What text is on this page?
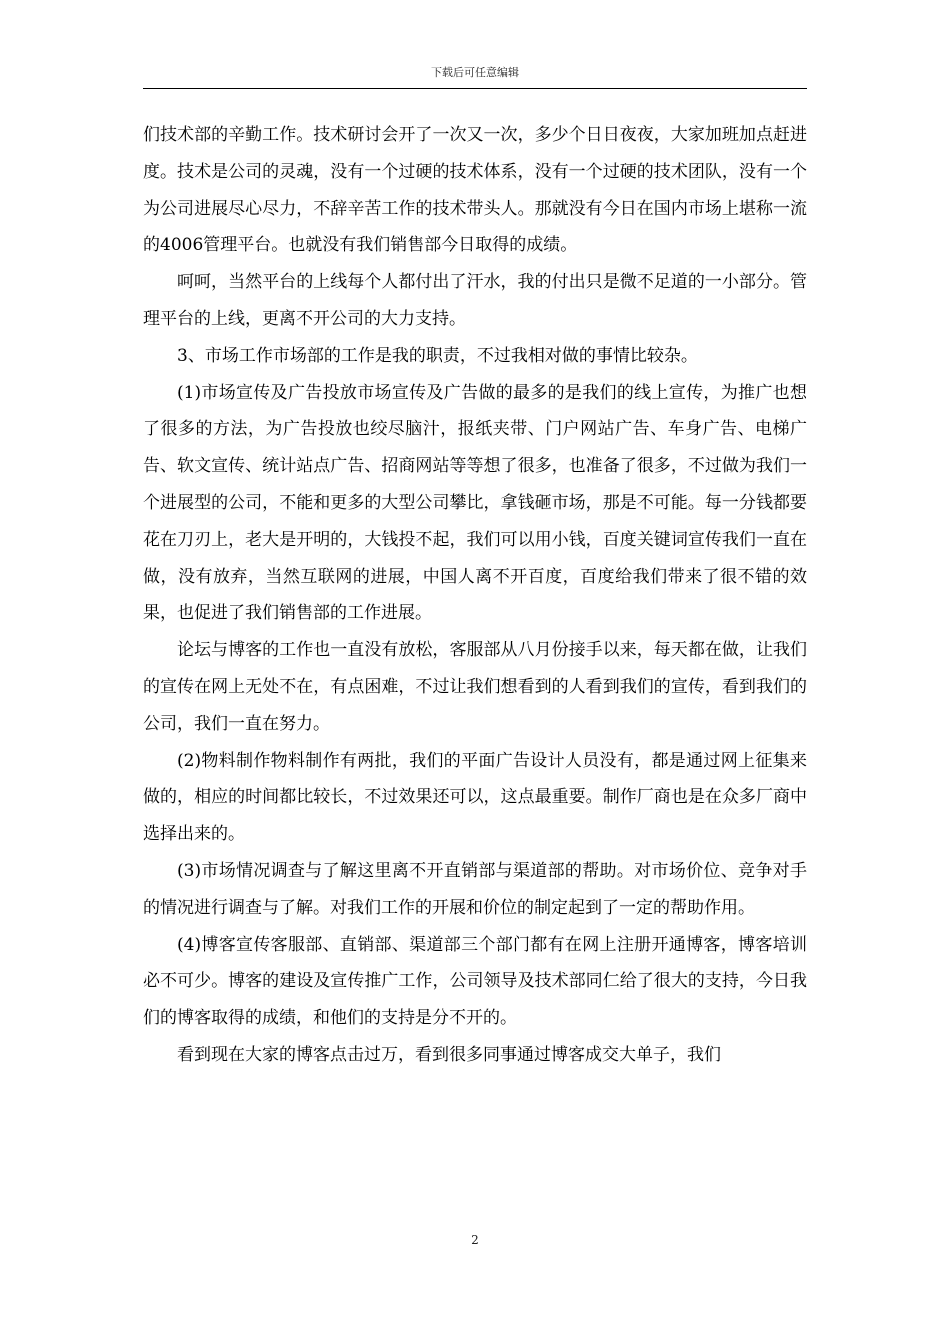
下载后可任意编辑

们技术部的辛勤工作。技术研讨会开了一次又一次，多少个日日夜夜，大家加班加点赶进度。技术是公司的灵魂，没有一个过硬的技术体系，没有一个过硬的技术团队，没有一个为公司进展尽心尽力，不辞辛苦工作的技术带头人。那就没有今日在国内市场上堪称一流的4006管理平台。也就没有我们销售部今日取得的成绩。

呵呵，当然平台的上线每个人都付出了汗水，我的付出只是微不足道的一小部分。管理平台的上线，更离不开公司的大力支持。

3、市场工作市场部的工作是我的职责，不过我相对做的事情比较杂。

(1)市场宣传及广告投放市场宣传及广告做的最多的是我们的线上宣传，为推广也想了很多的方法，为广告投放也绞尽脑汁，报纸夹带、门户网站广告、车身广告、电梯广告、软文宣传、统计站点广告、招商网站等等想了很多，也准备了很多，不过做为我们一个进展型的公司，不能和更多的大型公司攀比，拿钱砸市场，那是不可能。每一分钱都要花在刀刃上，老大是开明的，大钱投不起，我们可以用小钱，百度关键词宣传我们一直在做，没有放弃，当然互联网的进展，中国人离不开百度，百度给我们带来了很不错的效果，也促进了我们销售部的工作进展。

论坛与博客的工作也一直没有放松，客服部从八月份接手以来，每天都在做，让我们的宣传在网上无处不在，有点困难，不过让我们想看到的人看到我们的宣传，看到我们的公司，我们一直在努力。

(2)物料制作物料制作有两批，我们的平面广告设计人员没有，都是通过网上征集来做的，相应的时间都比较长，不过效果还可以，这点最重要。制作厂商也是在众多厂商中选择出来的。

(3)市场情况调查与了解这里离不开直销部与渠道部的帮助。对市场价位、竞争对手的情况进行调查与了解。对我们工作的开展和价位的制定起到了一定的帮助作用。

(4)博客宣传客服部、直销部、渠道部三个部门都有在网上注册开通博客，博客培训必不可少。博客的建设及宣传推广工作，公司领导及技术部同仁给了很大的支持，今日我们的博客取得的成绩，和他们的支持是分不开的。

看到现在大家的博客点击过万，看到很多同事通过博客成交大单子，我们

2
